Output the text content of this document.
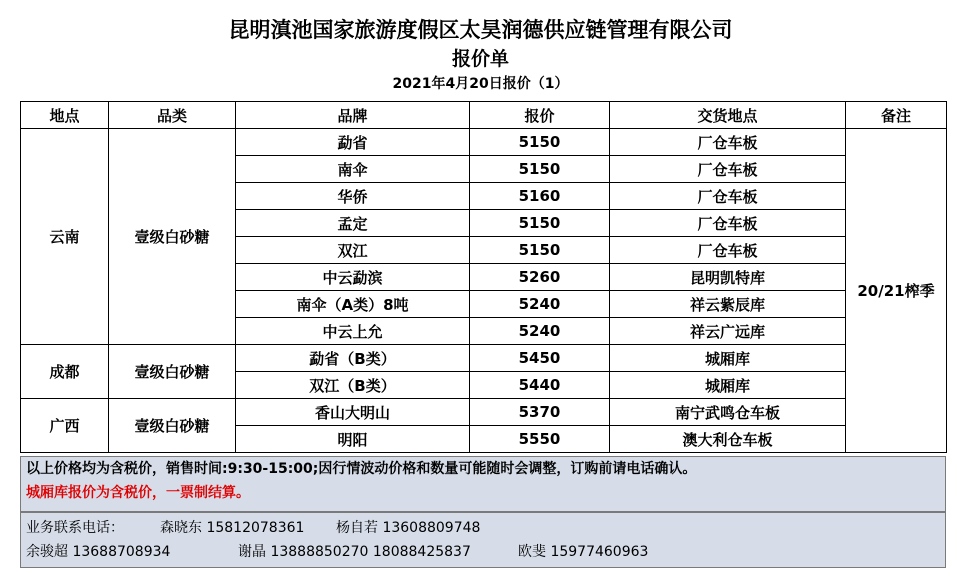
昆明滇池国家旅游度假区太昊润德供应链管理有限公司
报价单
2021年4月20日报价（1）
地点	品类	品牌	报价	交货地点	备注
云南	壹级白砂糖	勐省	5150	厂仓车板	20/21榨季
		南伞	5150	厂仓车板	
		华侨	5160	厂仓车板	
		孟定	5150	厂仓车板	
		双江	5150	厂仓车板	
		中云勐滨	5260	昆明凯特库	
		南伞（A类）8吨	5240	祥云紫辰库	
		中云上允	5240	祥云广远库	
成都	壹级白砂糖	勐省（B类）	5450	城厢库	
		双江（B类）	5440	城厢库	
广西	壹级白砂糖	香山大明山	5370	南宁武鸣仓车板	
		明阳	5550	澳大利仓车板	
以上价格均为含税价，销售时间:9:30-15:00;因行情波动价格和数量可能随时会调整，订购前请电话确认。
城厢库报价为含税价，一票制结算。
业务联系电话：	森晓东 15812078361 杨自若 13608809748
余骏超 13688708934	谢晶 13888850270 18088425837	欧斐 15977460963
